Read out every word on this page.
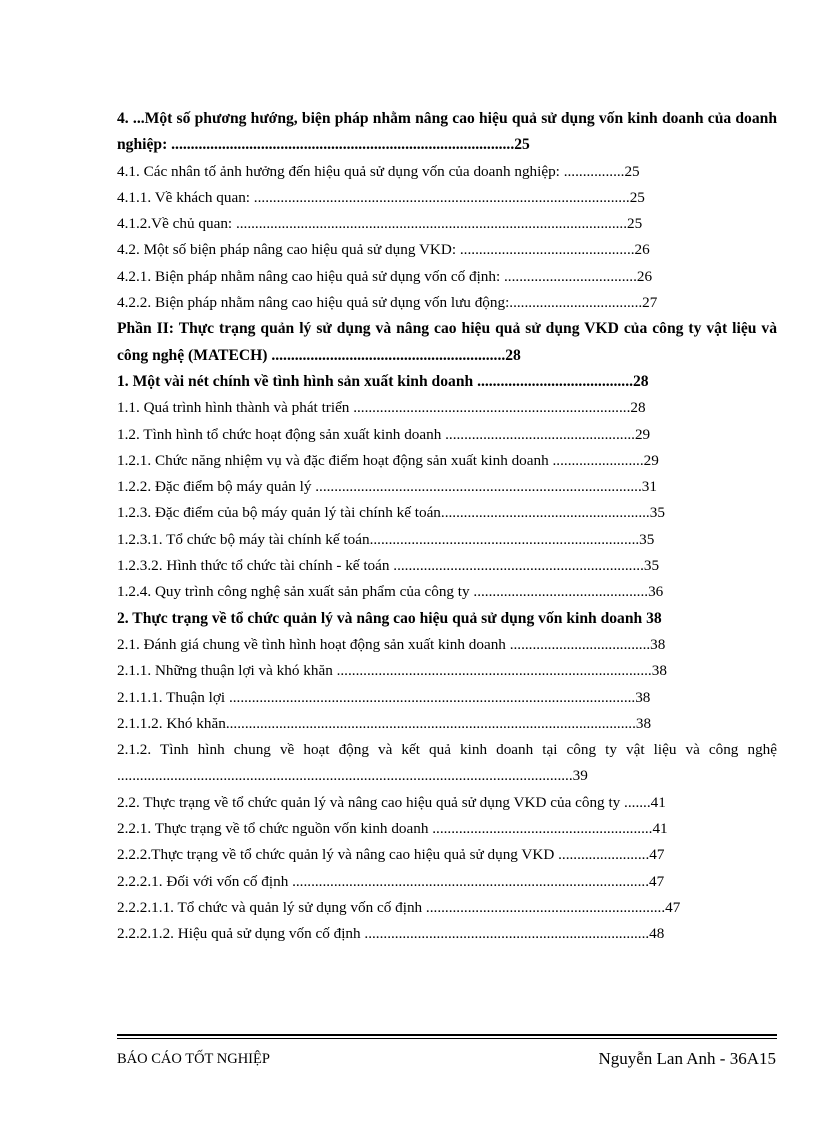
4. ...Một số phương hướng, biện pháp nhằm nâng cao hiệu quả sử dụng vốn kinh doanh của doanh nghiệp: ........................................................................................25
4.1. Các nhân tố ảnh hưởng đến hiệu quả sử dụng vốn của doanh nghiệp: ................25
4.1.1. Về khách quan: ...................................................................................................25
4.1.2.Về chủ quan: .......................................................................................................25
4.2. Một số biện pháp nâng cao hiệu quả sử dụng VKD: ..............................................26
4.2.1. Biện pháp nhằm nâng cao hiệu quả sử dụng vốn cố định: ...................................26
4.2.2. Biện pháp nhằm nâng cao hiệu quả sử dụng vốn lưu động:...................................27
Phần II: Thực trạng quản lý sử dụng và nâng cao hiệu quả sử dụng VKD của công ty vật liệu và công nghệ (MATECH) ............................................................28
1. Một vài nét chính về tình hình sản xuất kinh doanh ........................................28
1.1. Quá trình hình thành và phát triển .........................................................................28
1.2. Tình hình tổ chức hoạt động sản xuất kinh doanh ..................................................29
1.2.1. Chức năng nhiệm vụ và đặc điểm hoạt động sản xuất kinh doanh ........................29
1.2.2. Đặc điểm bộ máy quản lý ......................................................................................31
1.2.3. Đặc điểm của bộ máy quản lý tài chính kế toán.......................................................35
1.2.3.1. Tổ chức bộ máy tài chính kế toán.......................................................................35
1.2.3.2. Hình thức tổ chức tài chính - kế toán ..................................................................35
1.2.4. Quy trình công nghệ sản xuất sản phẩm của công ty ..............................................36
2. Thực trạng về tổ chức quản lý và nâng cao hiệu quả sử dụng vốn kinh doanh 38
2.1. Đánh giá chung về tình hình hoạt động sản xuất kinh doanh .....................................38
2.1.1. Những thuận lợi và khó khăn ...................................................................................38
2.1.1.1. Thuận lợi ...........................................................................................................38
2.1.1.2. Khó khăn............................................................................................................38
2.1.2. Tình hình chung về hoạt động và kết quả kinh doanh tại công ty vật liệu và công nghệ ........................................................................................................................39
2.2. Thực trạng về tổ chức quản lý và nâng cao hiệu quả sử dụng VKD của công ty .......41
2.2.1. Thực trạng về tổ chức nguồn vốn kinh doanh ..........................................................41
2.2.2.Thực trạng về tổ chức quản lý và nâng cao hiệu quả sử dụng VKD ........................47
2.2.2.1. Đối với vốn cố định ..............................................................................................47
2.2.2.1.1. Tổ chức và quản lý sử dụng vốn cố định ...............................................................47
2.2.2.1.2. Hiệu quả sử dụng vốn cố định ...........................................................................48
BÁO CÁO TỐT NGHIỆP	Nguyễn Lan Anh - 36A15
